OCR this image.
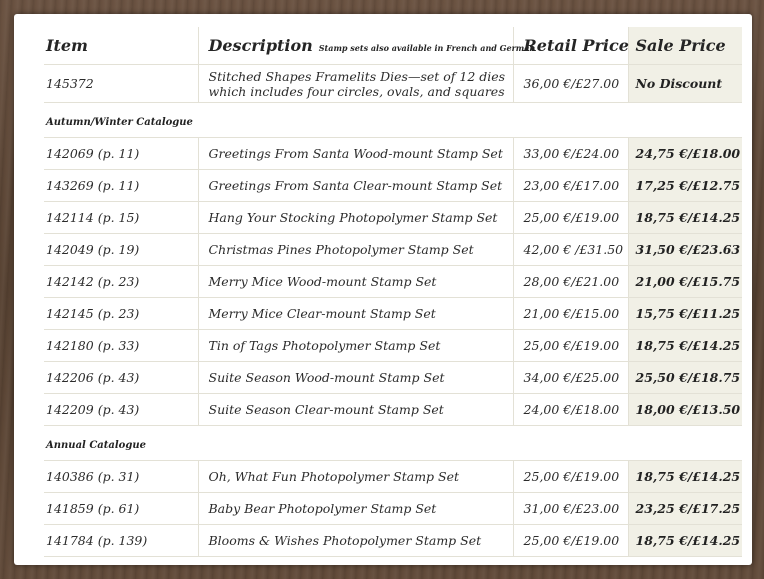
Item	Description Stamp sets also available in French and German	Retail Price	Sale Price
145372	Stitched Shapes Framelits Dies—set of 12 dies which includes four circles, ovals, and squares	36,00 €/£27.00	No Discount
Autumn/Winter Catalogue			
142069 (p. 11)	Greetings From Santa Wood-mount Stamp Set	33,00 €/£24.00	24,75 €/£18.00
143269 (p. 11)	Greetings From Santa Clear-mount Stamp Set	23,00 €/£17.00	17,25 €/£12.75
142114 (p. 15)	Hang Your Stocking Photopolymer Stamp Set	25,00 €/£19.00	18,75 €/£14.25
142049 (p. 19)	Christmas Pines Photopolymer Stamp Set	42,00 € /£31.50	31,50 €/£23.63
142142 (p. 23)	Merry Mice Wood-mount Stamp Set	28,00 €/£21.00	21,00 €/£15.75
142145 (p. 23)	Merry Mice Clear-mount Stamp Set	21,00 €/£15.00	15,75 €/£11.25
142180 (p. 33)	Tin of Tags Photopolymer Stamp Set	25,00 €/£19.00	18,75 €/£14.25
142206 (p. 43)	Suite Season Wood-mount Stamp Set	34,00 €/£25.00	25,50 €/£18.75
142209 (p. 43)	Suite Season Clear-mount Stamp Set	24,00 €/£18.00	18,00 €/£13.50
Annual Catalogue			
140386 (p. 31)	Oh, What Fun Photopolymer Stamp Set	25,00 €/£19.00	18,75 €/£14.25
141859 (p. 61)	Baby Bear Photopolymer Stamp Set	31,00 €/£23.00	23,25 €/£17.25
141784 (p. 139)	Blooms & Wishes Photopolymer Stamp Set	25,00 €/£19.00	18,75 €/£14.25
